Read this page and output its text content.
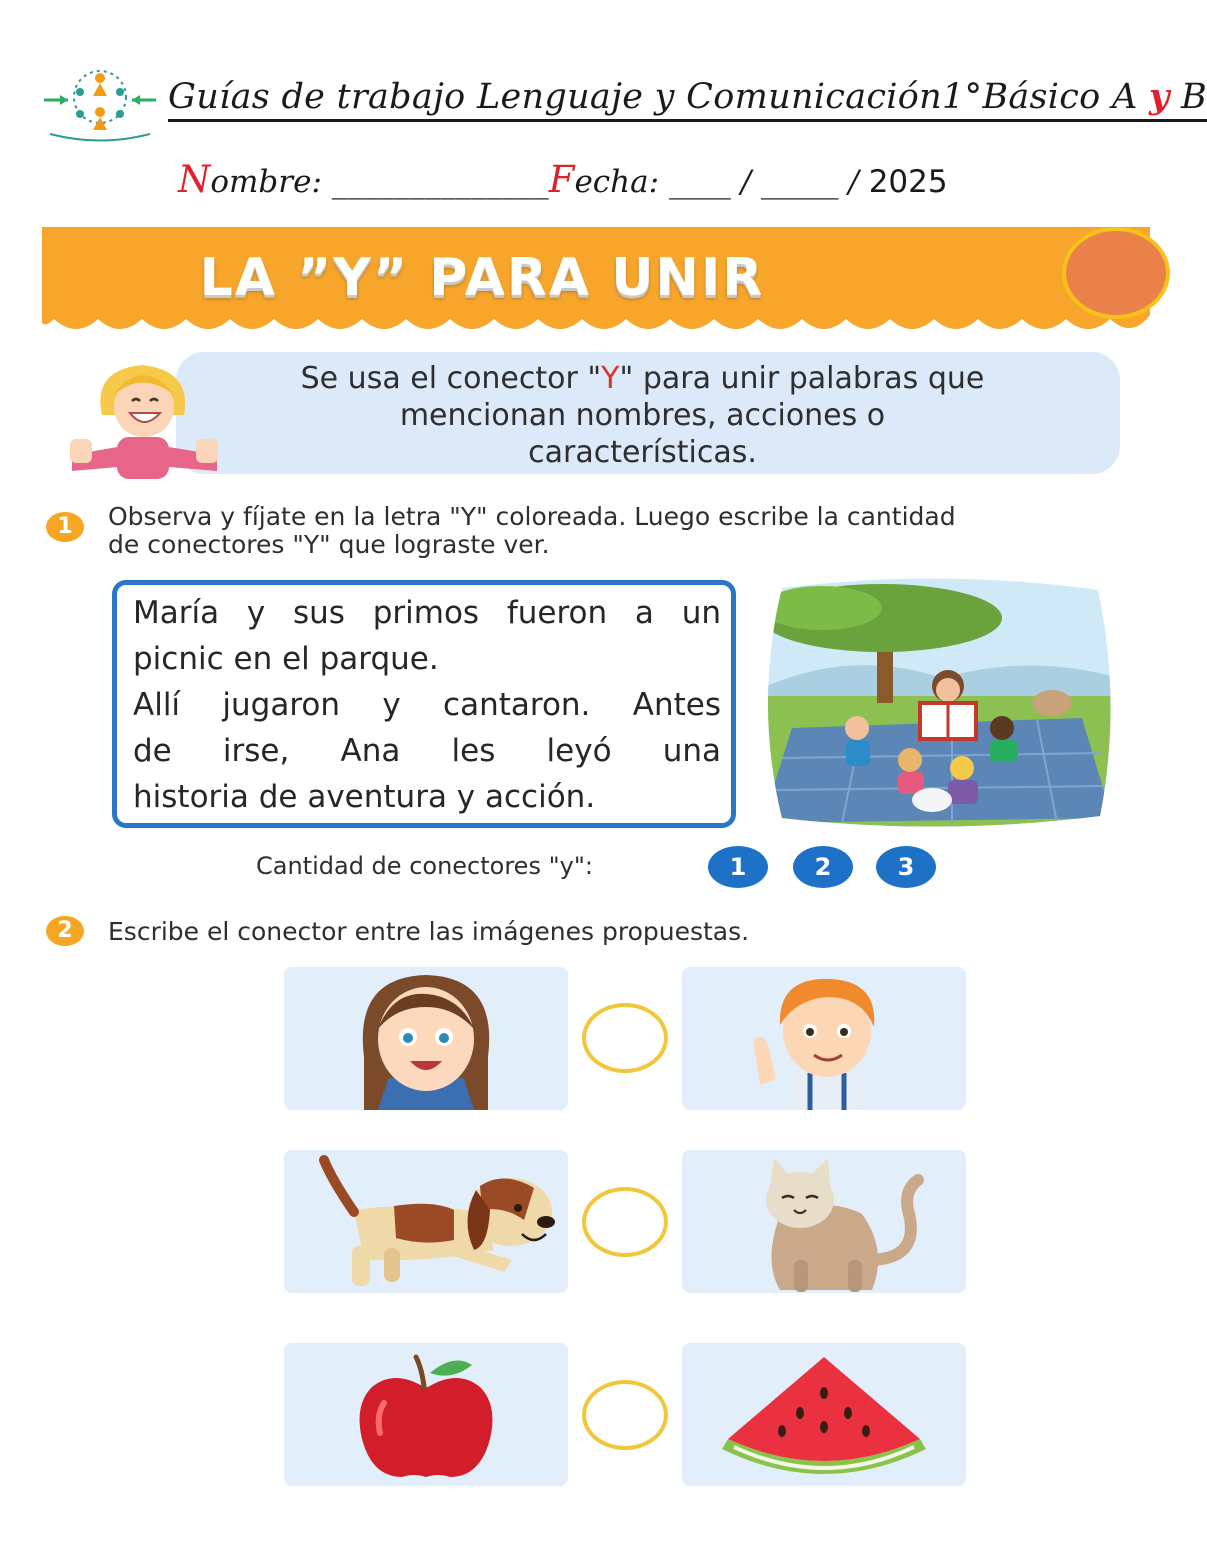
Guías de trabajo Lenguaje y Comunicación1°Básico A y B
Nombre: ______________Fecha: ____ / _____ / 2025
LA ”Y” PARA UNIR
Se usa el conector "Y" para unir palabras que
mencionan nombres, acciones o
características.
1	Observa y fíjate en la letra "Y" coloreada. Luego escribe la cantidad
de conectores "Y" que lograste ver.
María y sus primos fueron a un
picnic en el parque.
Allí jugaron y cantaron. Antes
de irse, Ana les leyó una
historia de aventura y acción.
Cantidad de conectores "y":	1	2	3
2	Escribe el conector entre las imágenes propuestas.
